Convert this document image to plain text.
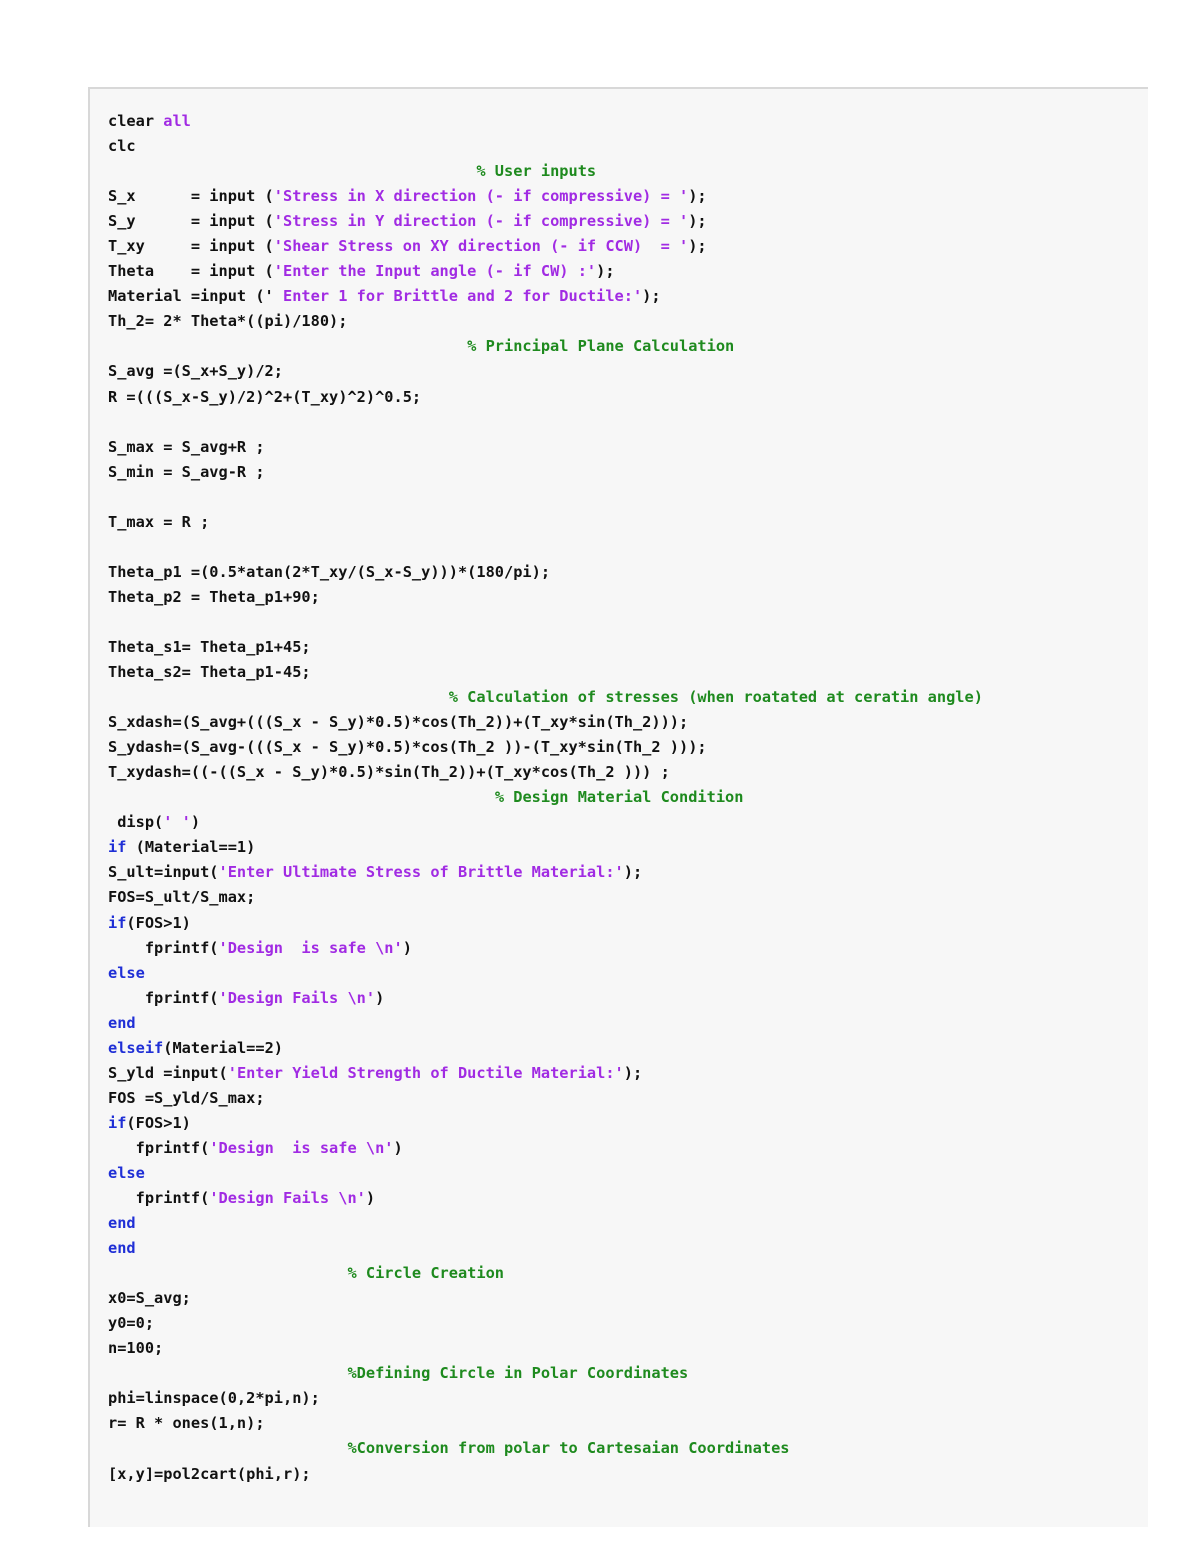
clear all
clc
% User inputs
S_x      = input ('Stress in X direction (- if compressive) = ');
S_y      = input ('Stress in Y direction (- if compressive) = ');
T_xy     = input ('Shear Stress on XY direction (- if CCW)  = ');
Theta    = input ('Enter the Input angle (- if CW) :');
Material =input (' Enter 1 for Brittle and 2 for Ductile:');
Th_2= 2* Theta*((pi)/180);
% Principal Plane Calculation
S_avg =(S_x+S_y)/2;
R =(((S_x-S_y)/2)^2+(T_xy)^2)^0.5;
S_max = S_avg+R ;
S_min = S_avg-R ;
T_max = R ;
Theta_p1 =(0.5*atan(2*T_xy/(S_x-S_y)))*(180/pi);
Theta_p2 = Theta_p1+90;
Theta_s1= Theta_p1+45;
Theta_s2= Theta_p1-45;
% Calculation of stresses (when roatated at ceratin angle)
S_xdash=(S_avg+(((S_x - S_y)*0.5)*cos(Th_2))+(T_xy*sin(Th_2)));
S_ydash=(S_avg-(((S_x - S_y)*0.5)*cos(Th_2 ))-(T_xy*sin(Th_2 )));
T_xydash=((-((S_x - S_y)*0.5)*sin(Th_2))+(T_xy*cos(Th_2 ))) ;
% Design Material Condition
disp(' ')
if (Material==1)
S_ult=input('Enter Ultimate Stress of Brittle Material:');
FOS=S_ult/S_max;
if(FOS>1)
fprintf('Design  is safe \n')
else
fprintf('Design Fails \n')
end
elseif(Material==2)
S_yld =input('Enter Yield Strength of Ductile Material:');
FOS =S_yld/S_max;
if(FOS>1)
fprintf('Design  is safe \n')
else
fprintf('Design Fails \n')
end
end
% Circle Creation
x0=S_avg;
y0=0;
n=100;
%Defining Circle in Polar Coordinates
phi=linspace(0,2*pi,n);
r= R * ones(1,n);
%Conversion from polar to Cartesaian Coordinates
[x,y]=pol2cart(phi,r);
